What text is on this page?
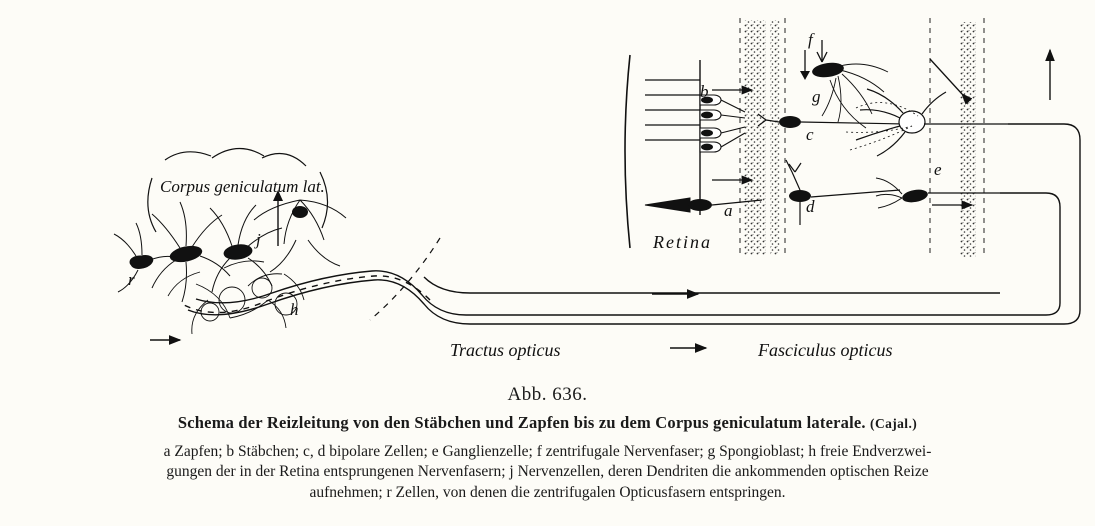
Corpus geniculatum lat.
Retina
Tractus opticus	Fasciculus opticus
a
b
c
d
e
f
g
h
j
r
Abb. 636.
Schema der Reizleitung von den Stäbchen und Zapfen bis zu dem Corpus geniculatum laterale. (Cajal.)
a Zapfen; b Stäbchen; c, d bipolare Zellen; e Ganglienzelle; f zentrifugale Nervenfaser; g Spongioblast; h freie Endverzwei-
gungen der in der Retina entsprungenen Nervenfasern; j Nervenzellen, deren Dendriten die ankommenden optischen Reize
aufnehmen; r Zellen, von denen die zentrifugalen Opticusfasern entspringen.
